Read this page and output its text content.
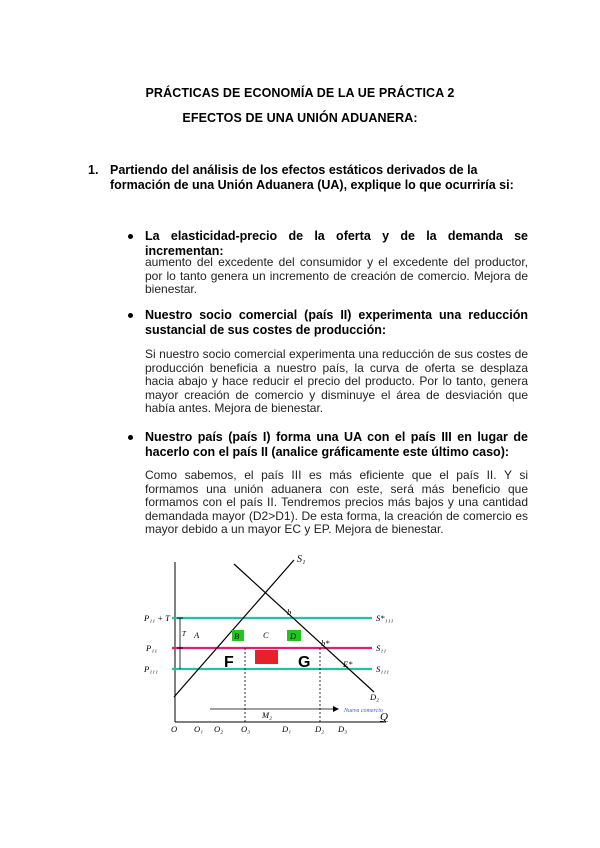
PRÁCTICAS DE ECONOMÍA DE LA UE PRÁCTICA 2
EFECTOS DE UNA UNIÓN ADUANERA:
1. Partiendo del análisis de los efectos estáticos derivados de la formación de una Unión Aduanera (UA), explique lo que ocurriría si:
La elasticidad-precio de la oferta y de la demanda se incrementan:
aumento del excedente del consumidor y el excedente del productor, por lo tanto genera un incremento de creación de comercio. Mejora de bienestar.
Nuestro socio comercial (país II) experimenta una reducción sustancial de sus costes de producción:
Si nuestro socio comercial experimenta una reducción de sus costes de producción beneficia a nuestro país, la curva de oferta se desplaza hacia abajo y hace reducir el precio del producto. Por lo tanto, genera mayor creación de comercio y disminuye el área de desviación que había antes. Mejora de bienestar.
Nuestro país (país I) forma una UA con el país III en lugar de hacerlo con el país II (analice gráficamente este último caso):
Como sabemos, el país III es más eficiente que el país II. Y si formamos una unión aduanera con este, será más beneficio que formamos con el país II. Tendremos precios más bajos y una cantidad demandada mayor (D2>D1). De esta forma, la creación de comercio es mayor debido a un mayor EC y EP. Mejora de bienestar.
A	B	C	D
F	G
b
b*
E*
S₁
D₂
S*₁₁₁
S₁₁
S₁₁₁
P₁₁ + T
P₁₁
P₁₁₁
T
M₂	Nueva comercio
Q
O O₁ O₂ O₃	D₁	D₂ D₃
